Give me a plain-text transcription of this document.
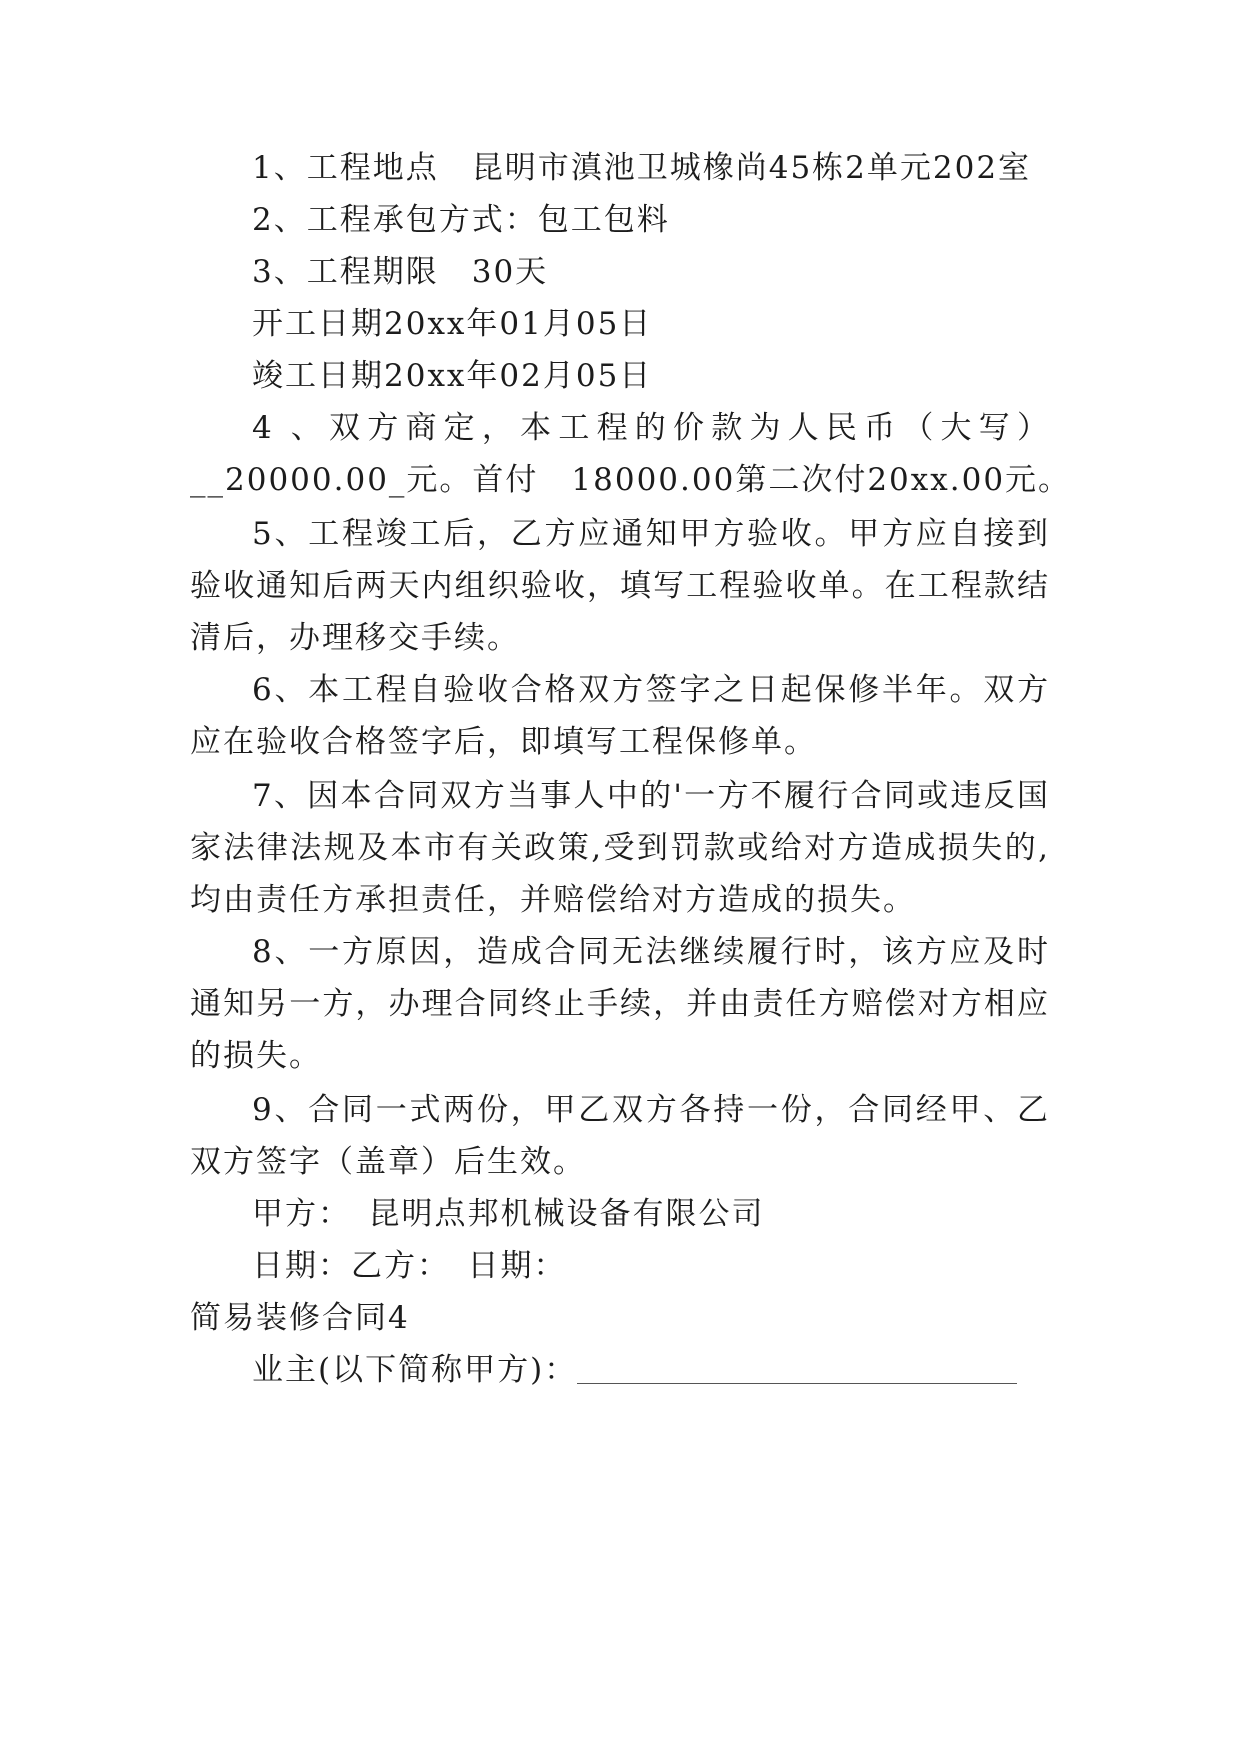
1、工程地点　昆明市滇池卫城橡尚45栋2单元202室
2、工程承包方式：包工包料
3、工程期限　30天
开工日期20xx年01月05日
竣工日期20xx年02月05日
4 、双方商定，本工程的价款为人民币（大写）
__20000.00_元。首付　18000.00第二次付20xx.00元。
5、工程竣工后，乙方应通知甲方验收。甲方应自接到
验收通知后两天内组织验收，填写工程验收单。在工程款结
清后，办理移交手续。
6、本工程自验收合格双方签字之日起保修半年。双方
应在验收合格签字后，即填写工程保修单。
7、因本合同双方当事人中的'一方不履行合同或违反国
家法律法规及本市有关政策,受到罚款或给对方造成损失的,
均由责任方承担责任，并赔偿给对方造成的损失。
8、一方原因，造成合同无法继续履行时，该方应及时
通知另一方，办理合同终止手续，并由责任方赔偿对方相应
的损失。
9、合同一式两份，甲乙双方各持一份，合同经甲、乙
双方签字（盖章）后生效。
甲方：　昆明点邦机械设备有限公司
日期：乙方：　日期：
简易装修合同4
业主(以下简称甲方)：
